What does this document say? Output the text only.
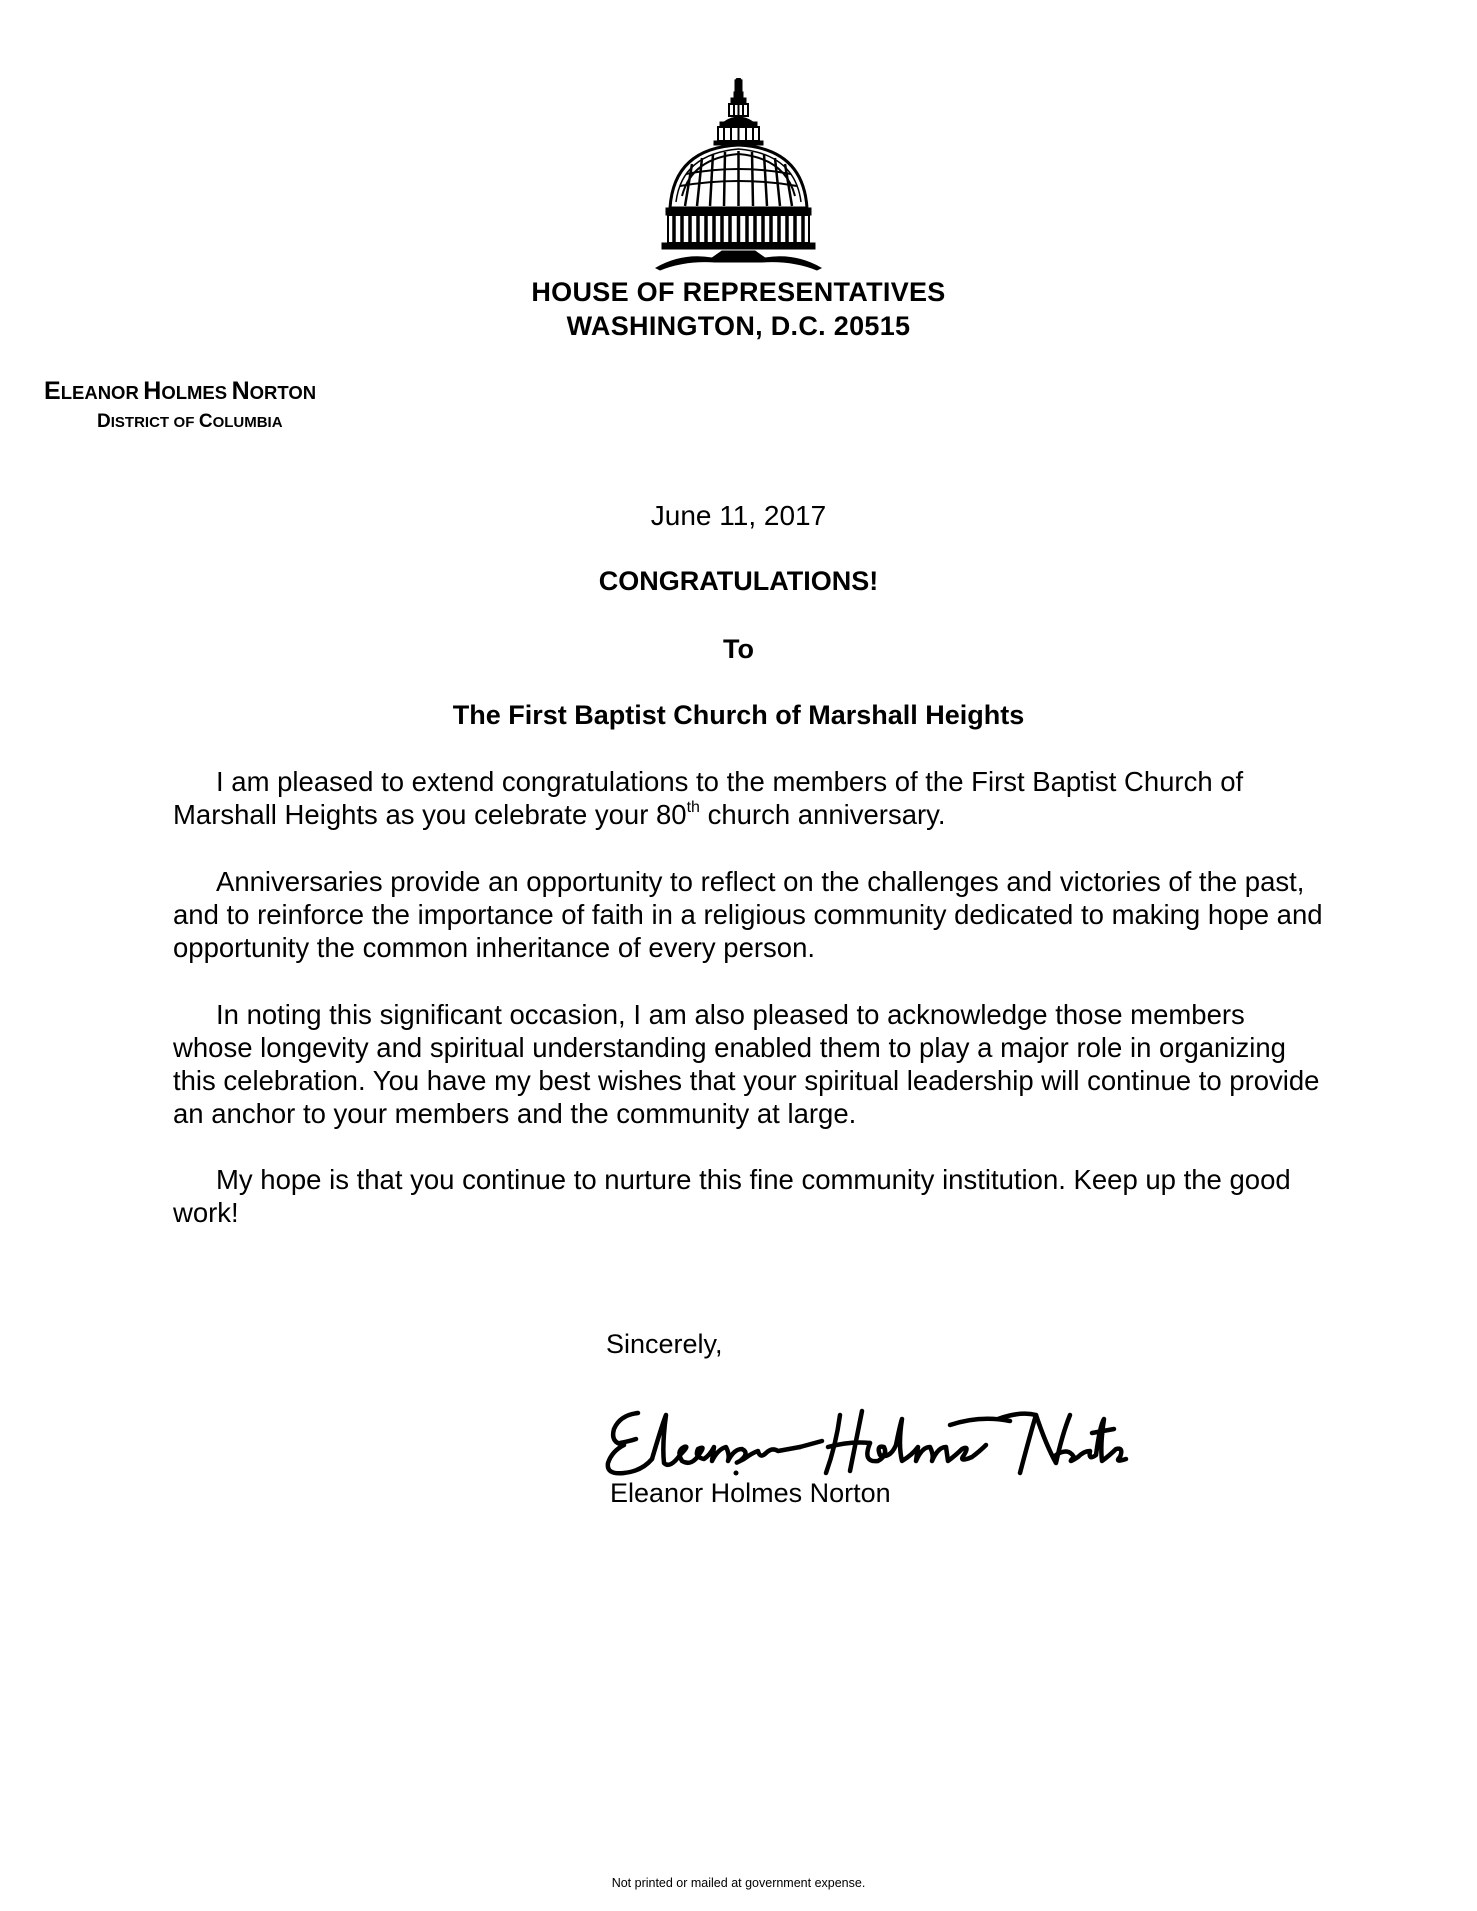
HOUSE OF REPRESENTATIVES
WASHINGTON, D.C. 20515
ELEANOR HOLMES NORTON
DISTRICT OF COLUMBIA
June 11, 2017
CONGRATULATIONS!
To
The First Baptist Church of Marshall Heights
I am pleased to extend congratulations to the members of the First Baptist Church of Marshall Heights as you celebrate your 80th church anniversary.
Anniversaries provide an opportunity to reflect on the challenges and victories of the past, and to reinforce the importance of faith in a religious community dedicated to making hope and opportunity the common inheritance of every person.
In noting this significant occasion, I am also pleased to acknowledge those members whose longevity and spiritual understanding enabled them to play a major role in organizing this celebration. You have my best wishes that your spiritual leadership will continue to provide an anchor to your members and the community at large.
My hope is that you continue to nurture this fine community institution. Keep up the good work!
Sincerely,
Eleanor Holmes Norton
Not printed or mailed at government expense.
